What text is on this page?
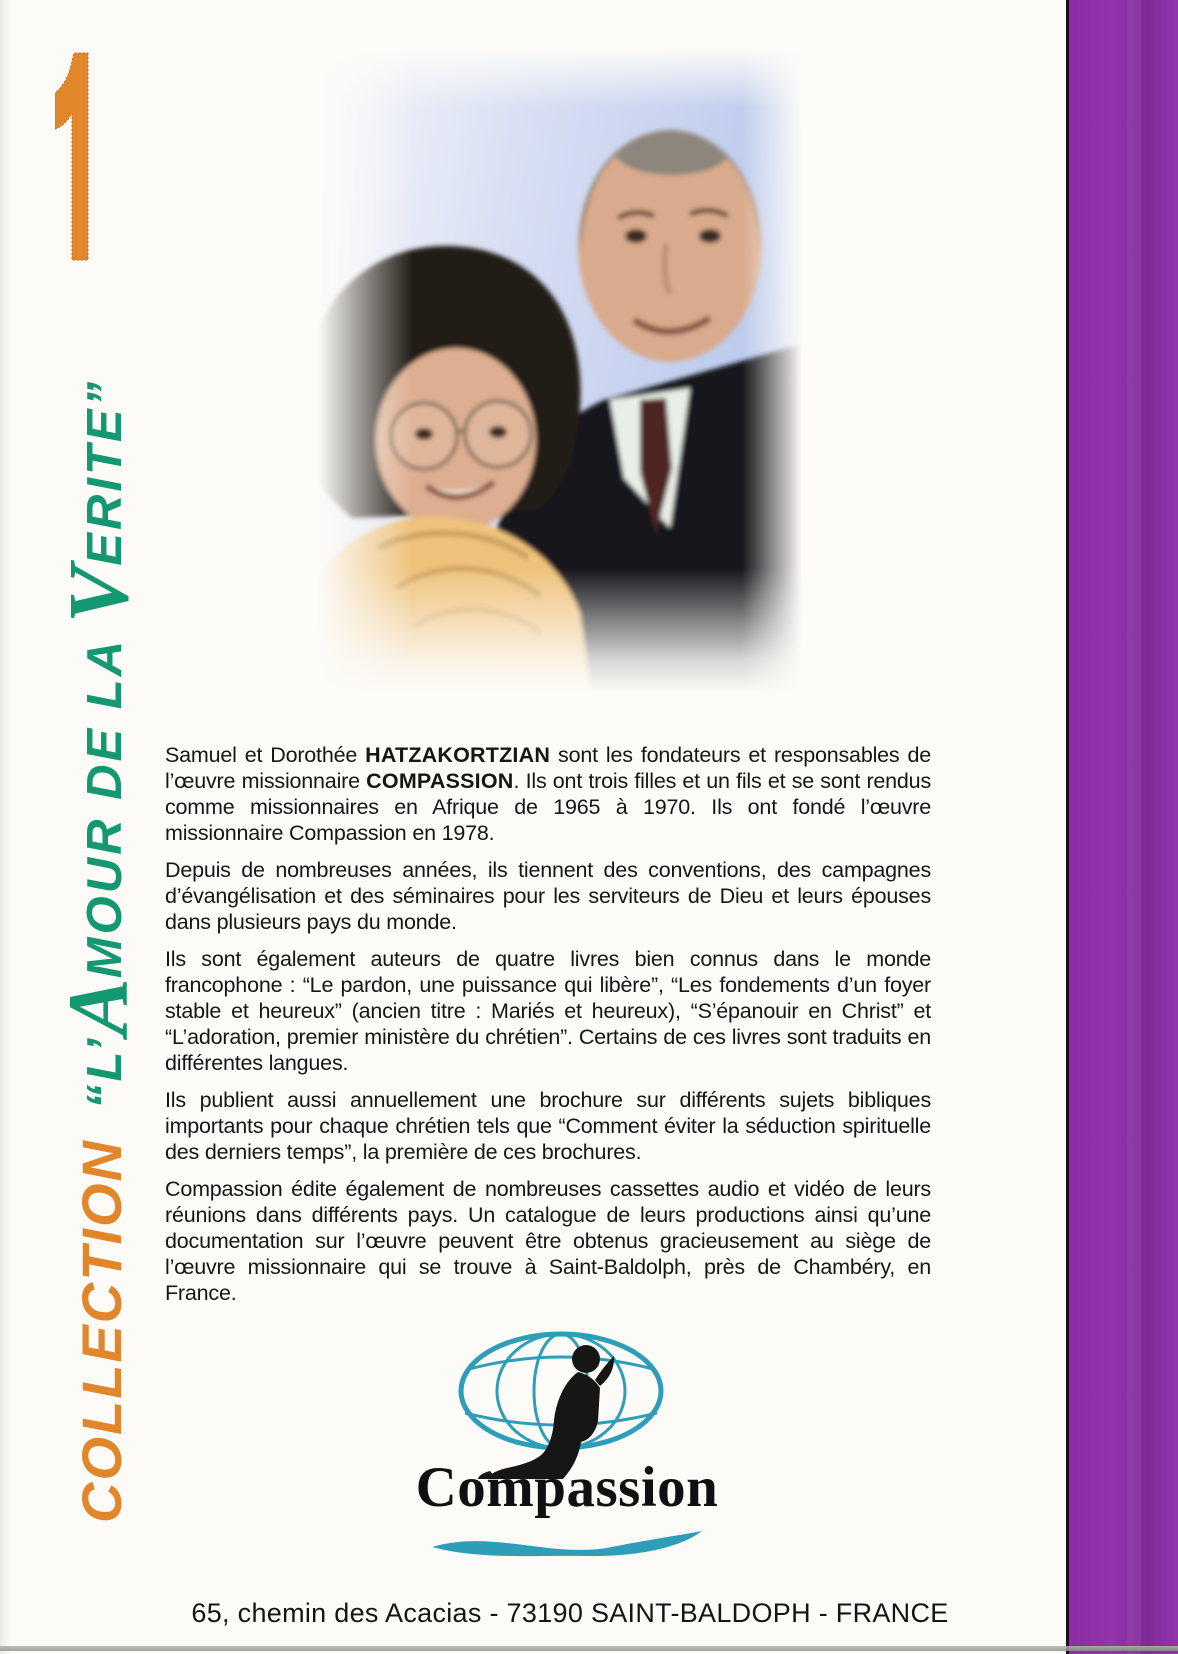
COLLECTION
“L’AMOUR DE LA VERITE”

Samuel et Dorothée HATZAKORTZIAN sont les fondateurs et responsables de l’œuvre missionnaire COMPASSION. Ils ont trois filles et un fils et se sont rendus comme missionnaires en Afrique de 1965 à 1970. Ils ont fondé l’œuvre missionnaire Compassion en 1978.

Depuis de nombreuses années, ils tiennent des conventions, des campagnes d’évangélisation et des séminaires pour les serviteurs de Dieu et leurs épouses dans plusieurs pays du monde.

Ils sont également auteurs de quatre livres bien connus dans le monde francophone : “Le pardon, une puissance qui libère”, “Les fondements d’un foyer stable et heureux” (ancien titre : Mariés et heureux), “S’épanouir en Christ” et “L’adoration, premier ministère du chrétien”. Certains de ces livres sont traduits en différentes langues.

Ils publient aussi annuellement une brochure sur différents sujets bibliques importants pour chaque chrétien tels que “Comment éviter la séduction spirituelle des derniers temps”, la première de ces brochures.

Compassion édite également de nombreuses cassettes audio et vidéo de leurs réunions dans différents pays. Un catalogue de leurs productions ainsi qu’une documentation sur l’œuvre peuvent être obtenus gracieusement au siège de l’œuvre missionnaire qui se trouve à Saint-Baldolph, près de Chambéry, en France.

Compassion
65, chemin des Acacias - 73190 SAINT-BALDOPH - FRANCE
